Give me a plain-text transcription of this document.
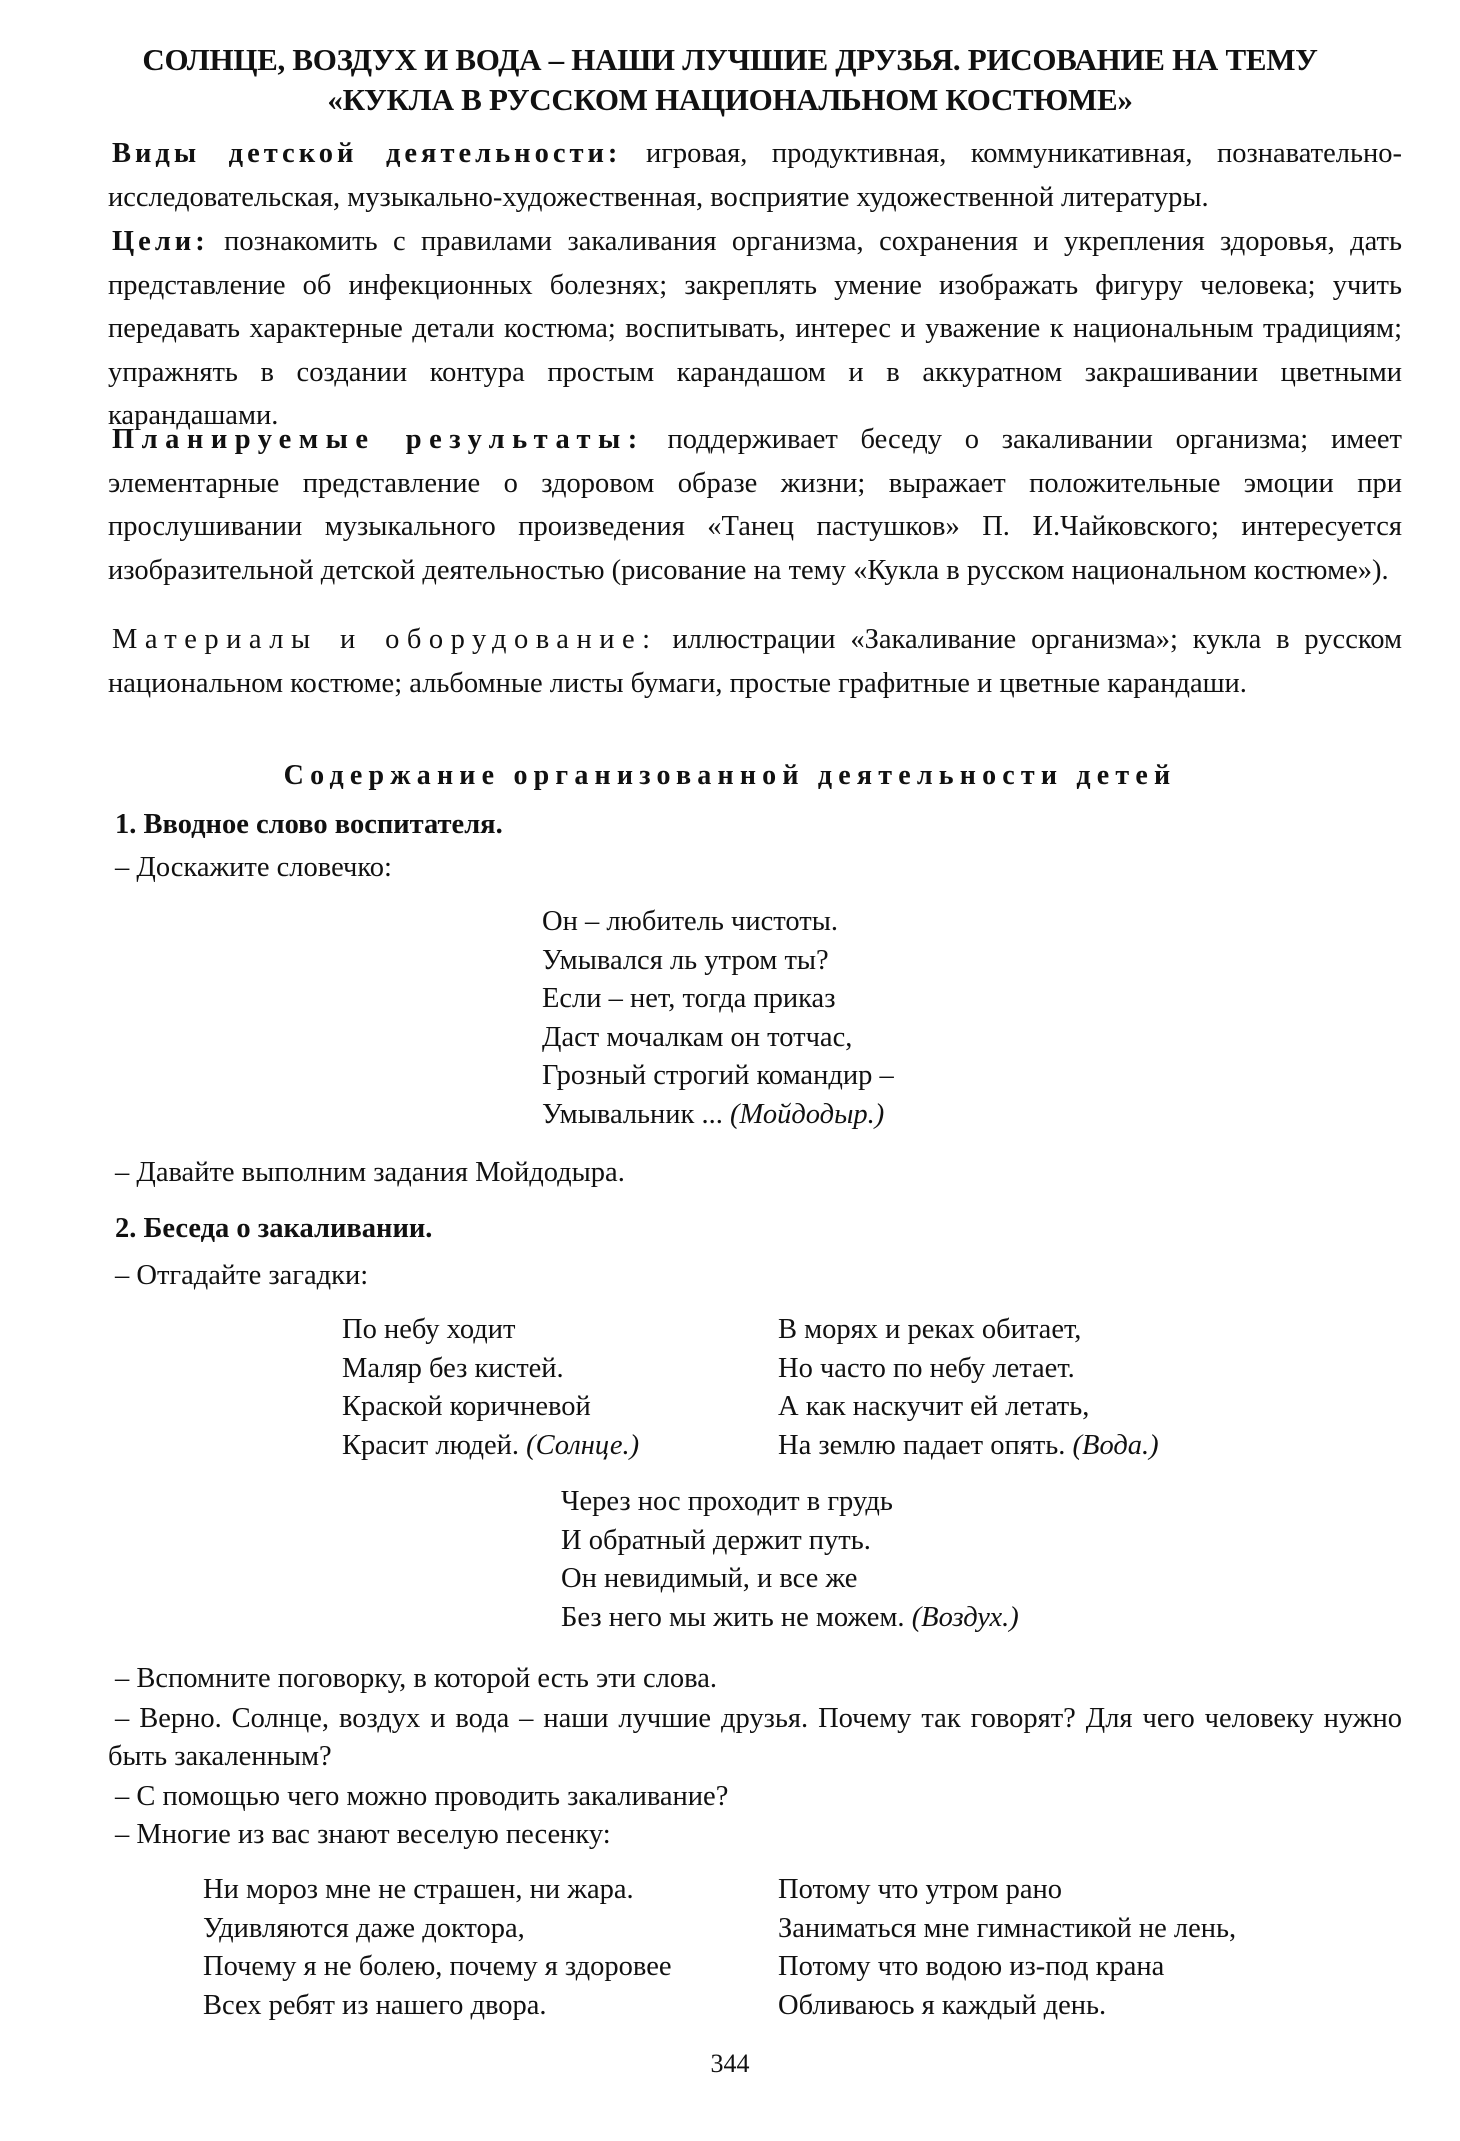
СОЛНЦЕ, ВОЗДУХ И ВОДА – НАШИ ЛУЧШИЕ ДРУЗЬЯ. РИСОВАНИЕ НА ТЕМУ
«КУКЛА В РУССКОМ НАЦИОНАЛЬНОМ КОСТЮМЕ»
Виды детской деятельности: игровая, продуктивная, коммуникативная, познавательно-исследовательская, музыкально-художественная, восприятие художественной литературы.
Цели: познакомить с правилами закаливания организма, сохранения и укрепления здоровья, дать представление об инфекционных болезнях; закреплять умение изображать фигуру человека; учить передавать характерные детали костюма; воспитывать, интерес и уважение к национальным традициям; упражнять в создании контура простым карандашом и в аккуратном закрашивании цветными карандашами.
Планируемые результаты: поддерживает беседу о закаливании организма; имеет элементарные представление о здоровом образе жизни; выражает положительные эмоции при прослушивании музыкального произведения «Танец пастушков» П. И.Чайковского; интересуется изобразительной детской деятельностью (рисование на тему «Кукла в русском национальном костюме»).
Материалы и оборудование: иллюстрации «Закаливание организма»; кукла в русском национальном костюме; альбомные листы бумаги, простые графитные и цветные карандаши.
Содержание организованной деятельности детей
1. Вводное слово воспитателя.
– Доскажите словечко:
Он – любитель чистоты.
Умывался ль утром ты?
Если – нет, тогда приказ
Даст мочалкам он тотчас,
Грозный строгий командир –
Умывальник ... (Мойдодыр.)
– Давайте выполним задания Мойдодыра.
2. Беседа о закаливании.
– Отгадайте загадки:
По небу ходит
Маляр без кистей.
Краской коричневой
Красит людей. (Солнце.)
В морях и реках обитает,
Но часто по небу летает.
А как наскучит ей летать,
На землю падает опять. (Вода.)
Через нос проходит в грудь
И обратный держит путь.
Он невидимый, и все же
Без него мы жить не можем. (Воздух.)
– Вспомните поговорку, в которой есть эти слова.
– Верно. Солнце, воздух и вода – наши лучшие друзья. Почему так говорят? Для чего человеку нужно быть закаленным?
– С помощью чего можно проводить закаливание?
– Многие из вас знают веселую песенку:
Ни мороз мне не страшен, ни жара.
Удивляются даже доктора,
Почему я не болею, почему я здоровее
Всех ребят из нашего двора.
Потому что утром рано
Заниматься мне гимнастикой не лень,
Потому что водою из-под крана
Обливаюсь я каждый день.
344
